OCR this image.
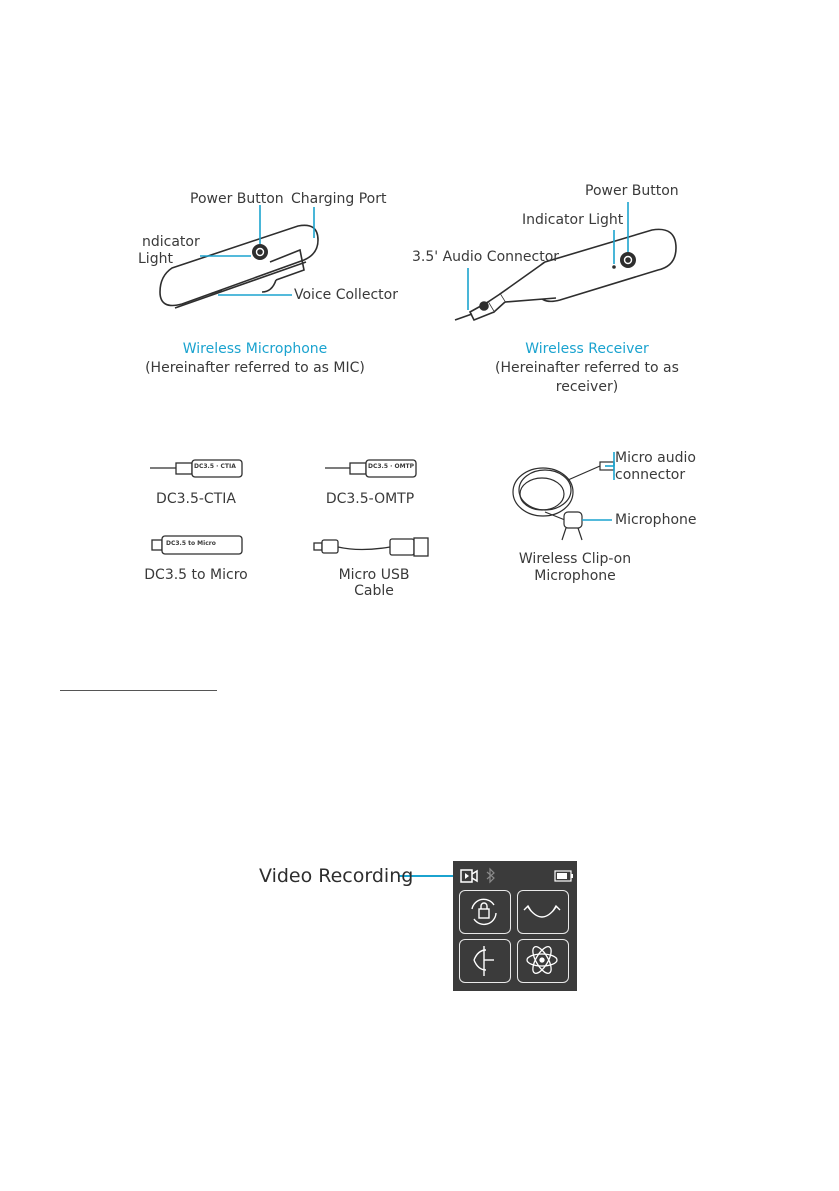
Power Button Charging Port
ndicator
Light
Voice Collector
Wireless Microphone
(Hereinafter referred to as MIC)
Power Button
Indicator Light
3.5' Audio Connector
Wireless Receiver
(Hereinafter referred to as receiver)
DC3.5 · CTIA	DC3.5 · OMTP
DC3.5 to Micro
DC3.5-CTIA	DC3.5-OMTP
DC3.5 to Micro	Micro USB
Cable
Wireless Clip-on
Microphone
Micro audio
connector
Microphone
Video Recording
